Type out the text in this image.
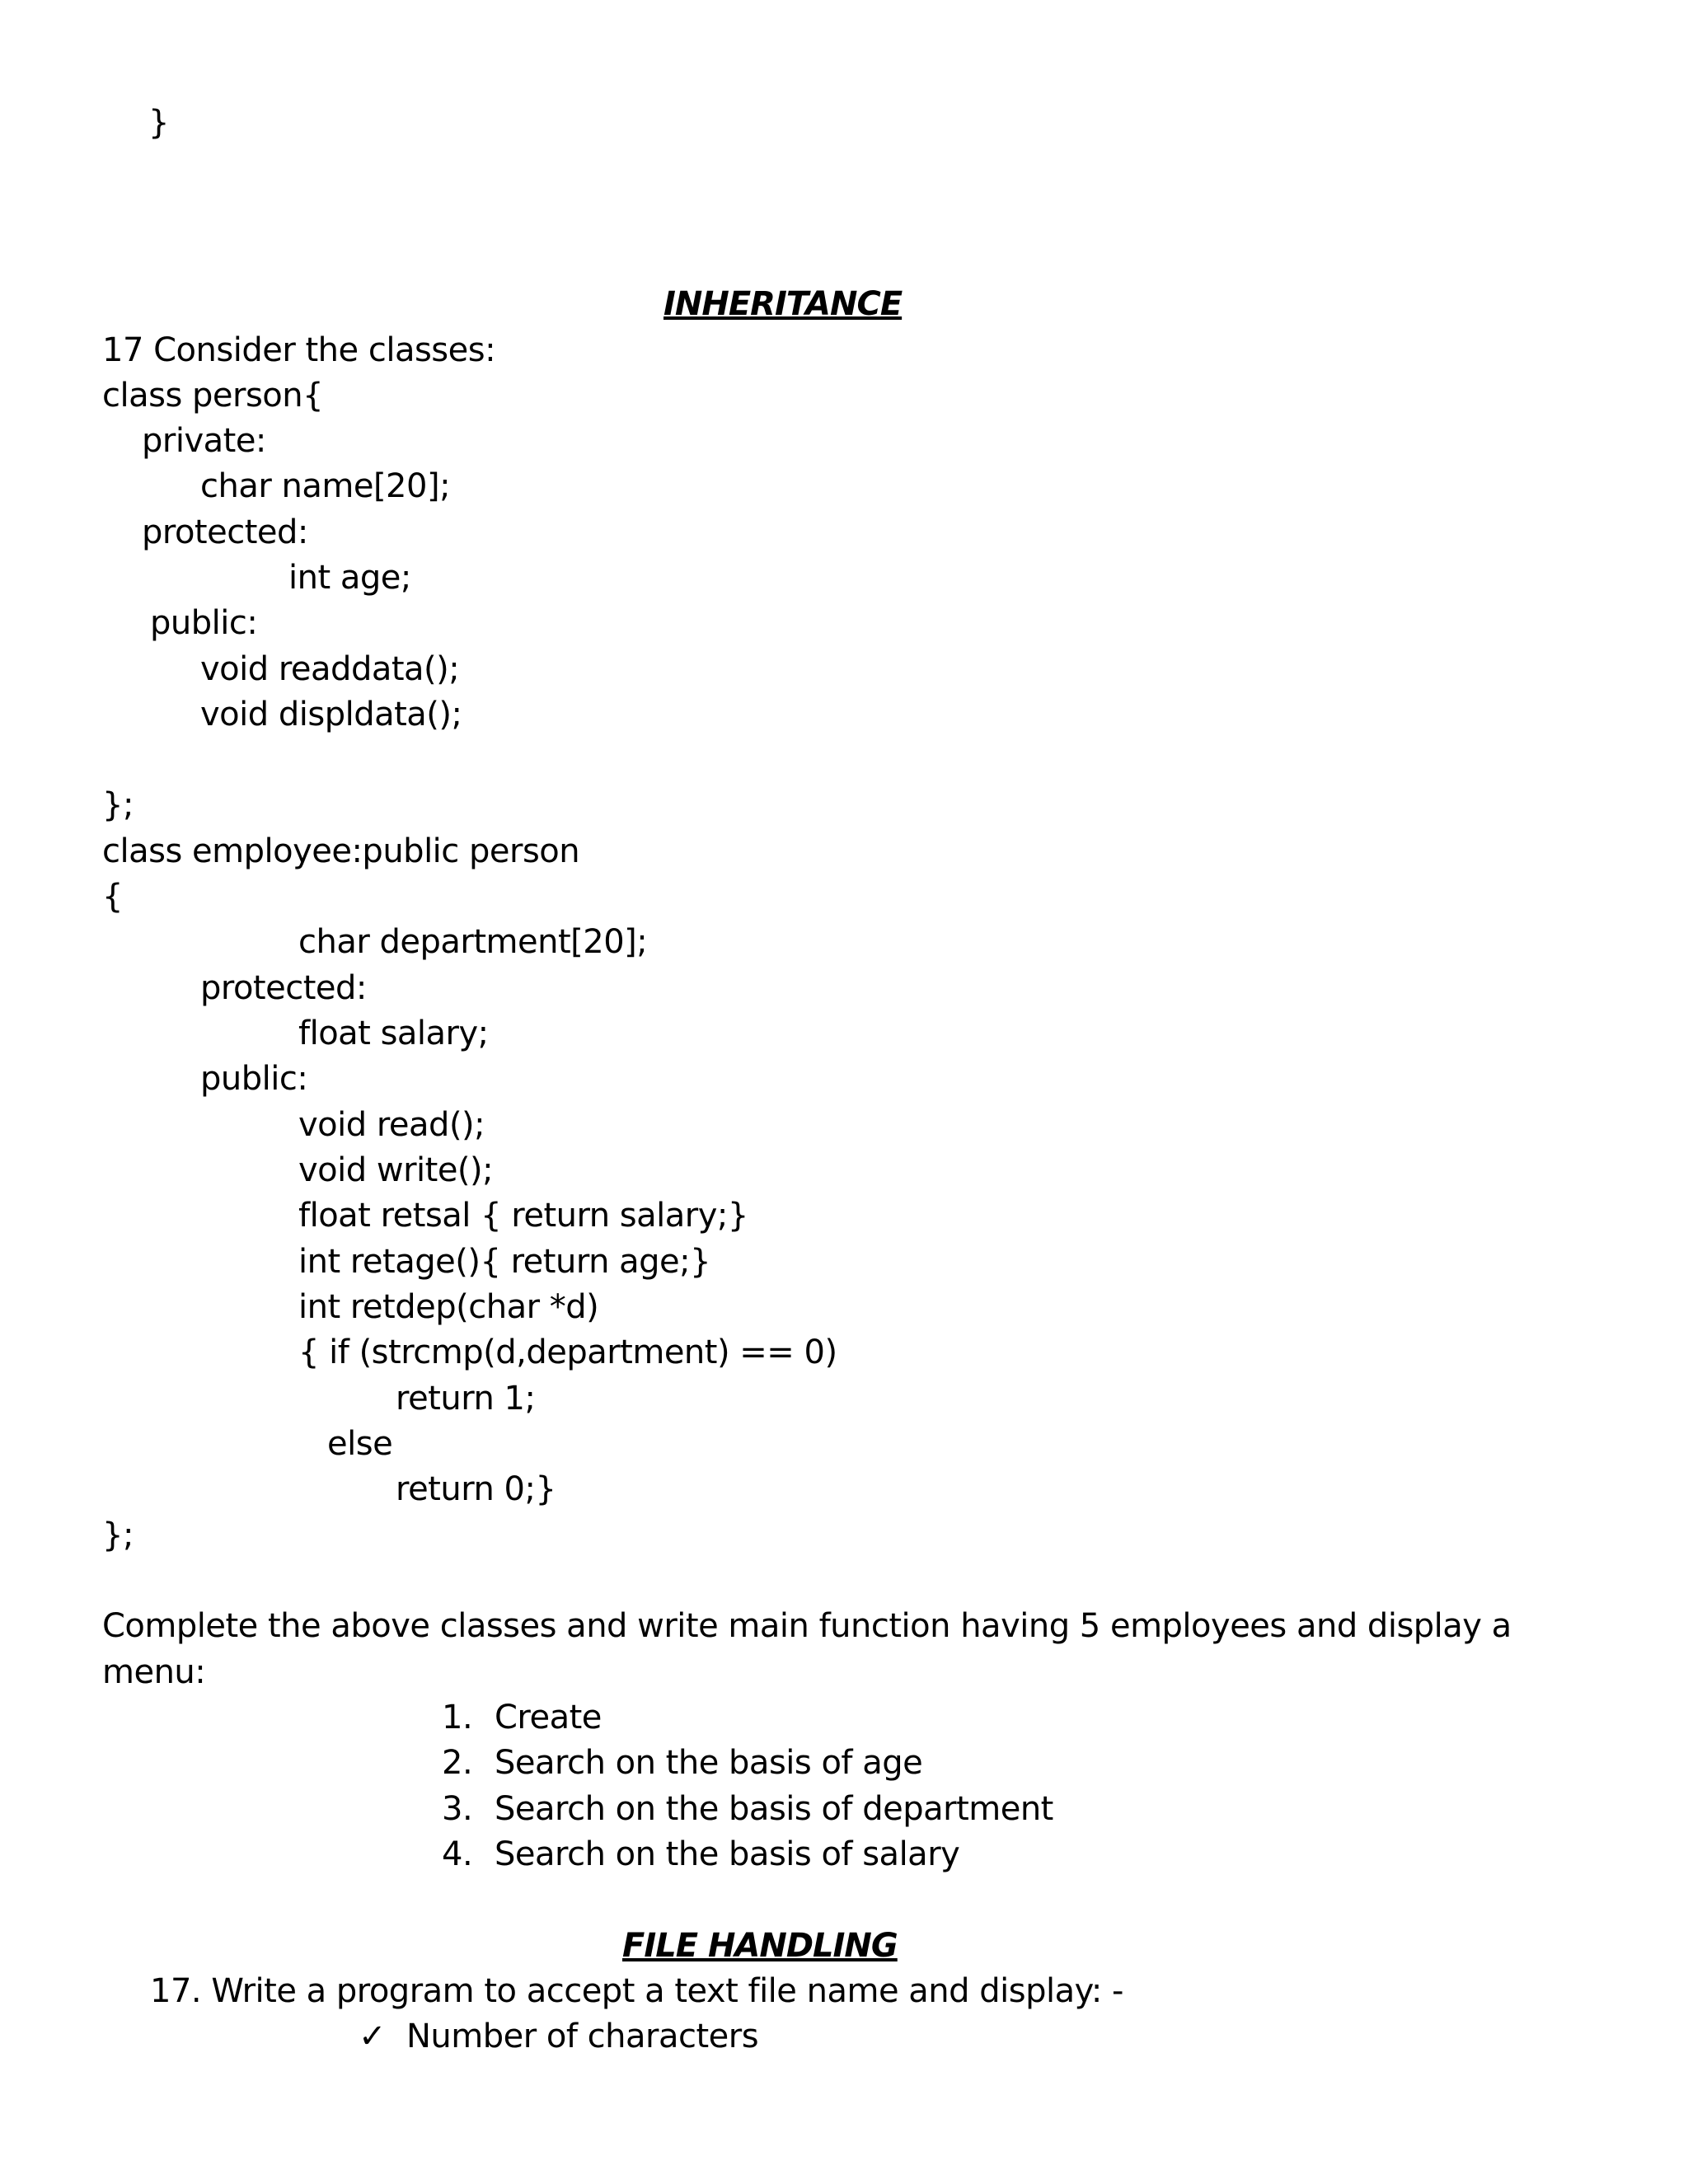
}
INHERITANCE
17 Consider the classes:
class person{
private:
char name[20];
protected:
int age;
public:
void readdata();
void displdata();
};
class employee:public person
{
char department[20];
protected:
float salary;
public:
void read();
void write();
float retsal { return salary;}
int retage(){ return age;}
int retdep(char *d)
{ if (strcmp(d,department) == 0)
return 1;
else
return 0;}
};
Complete the above classes and write main function having 5 employees and display a
menu:
1. Create
2. Search on the basis of age
3. Search on the basis of department
4. Search on the basis of salary
FILE HANDLING
17. Write a program to accept a text file name and display: -
✓ Number of characters
